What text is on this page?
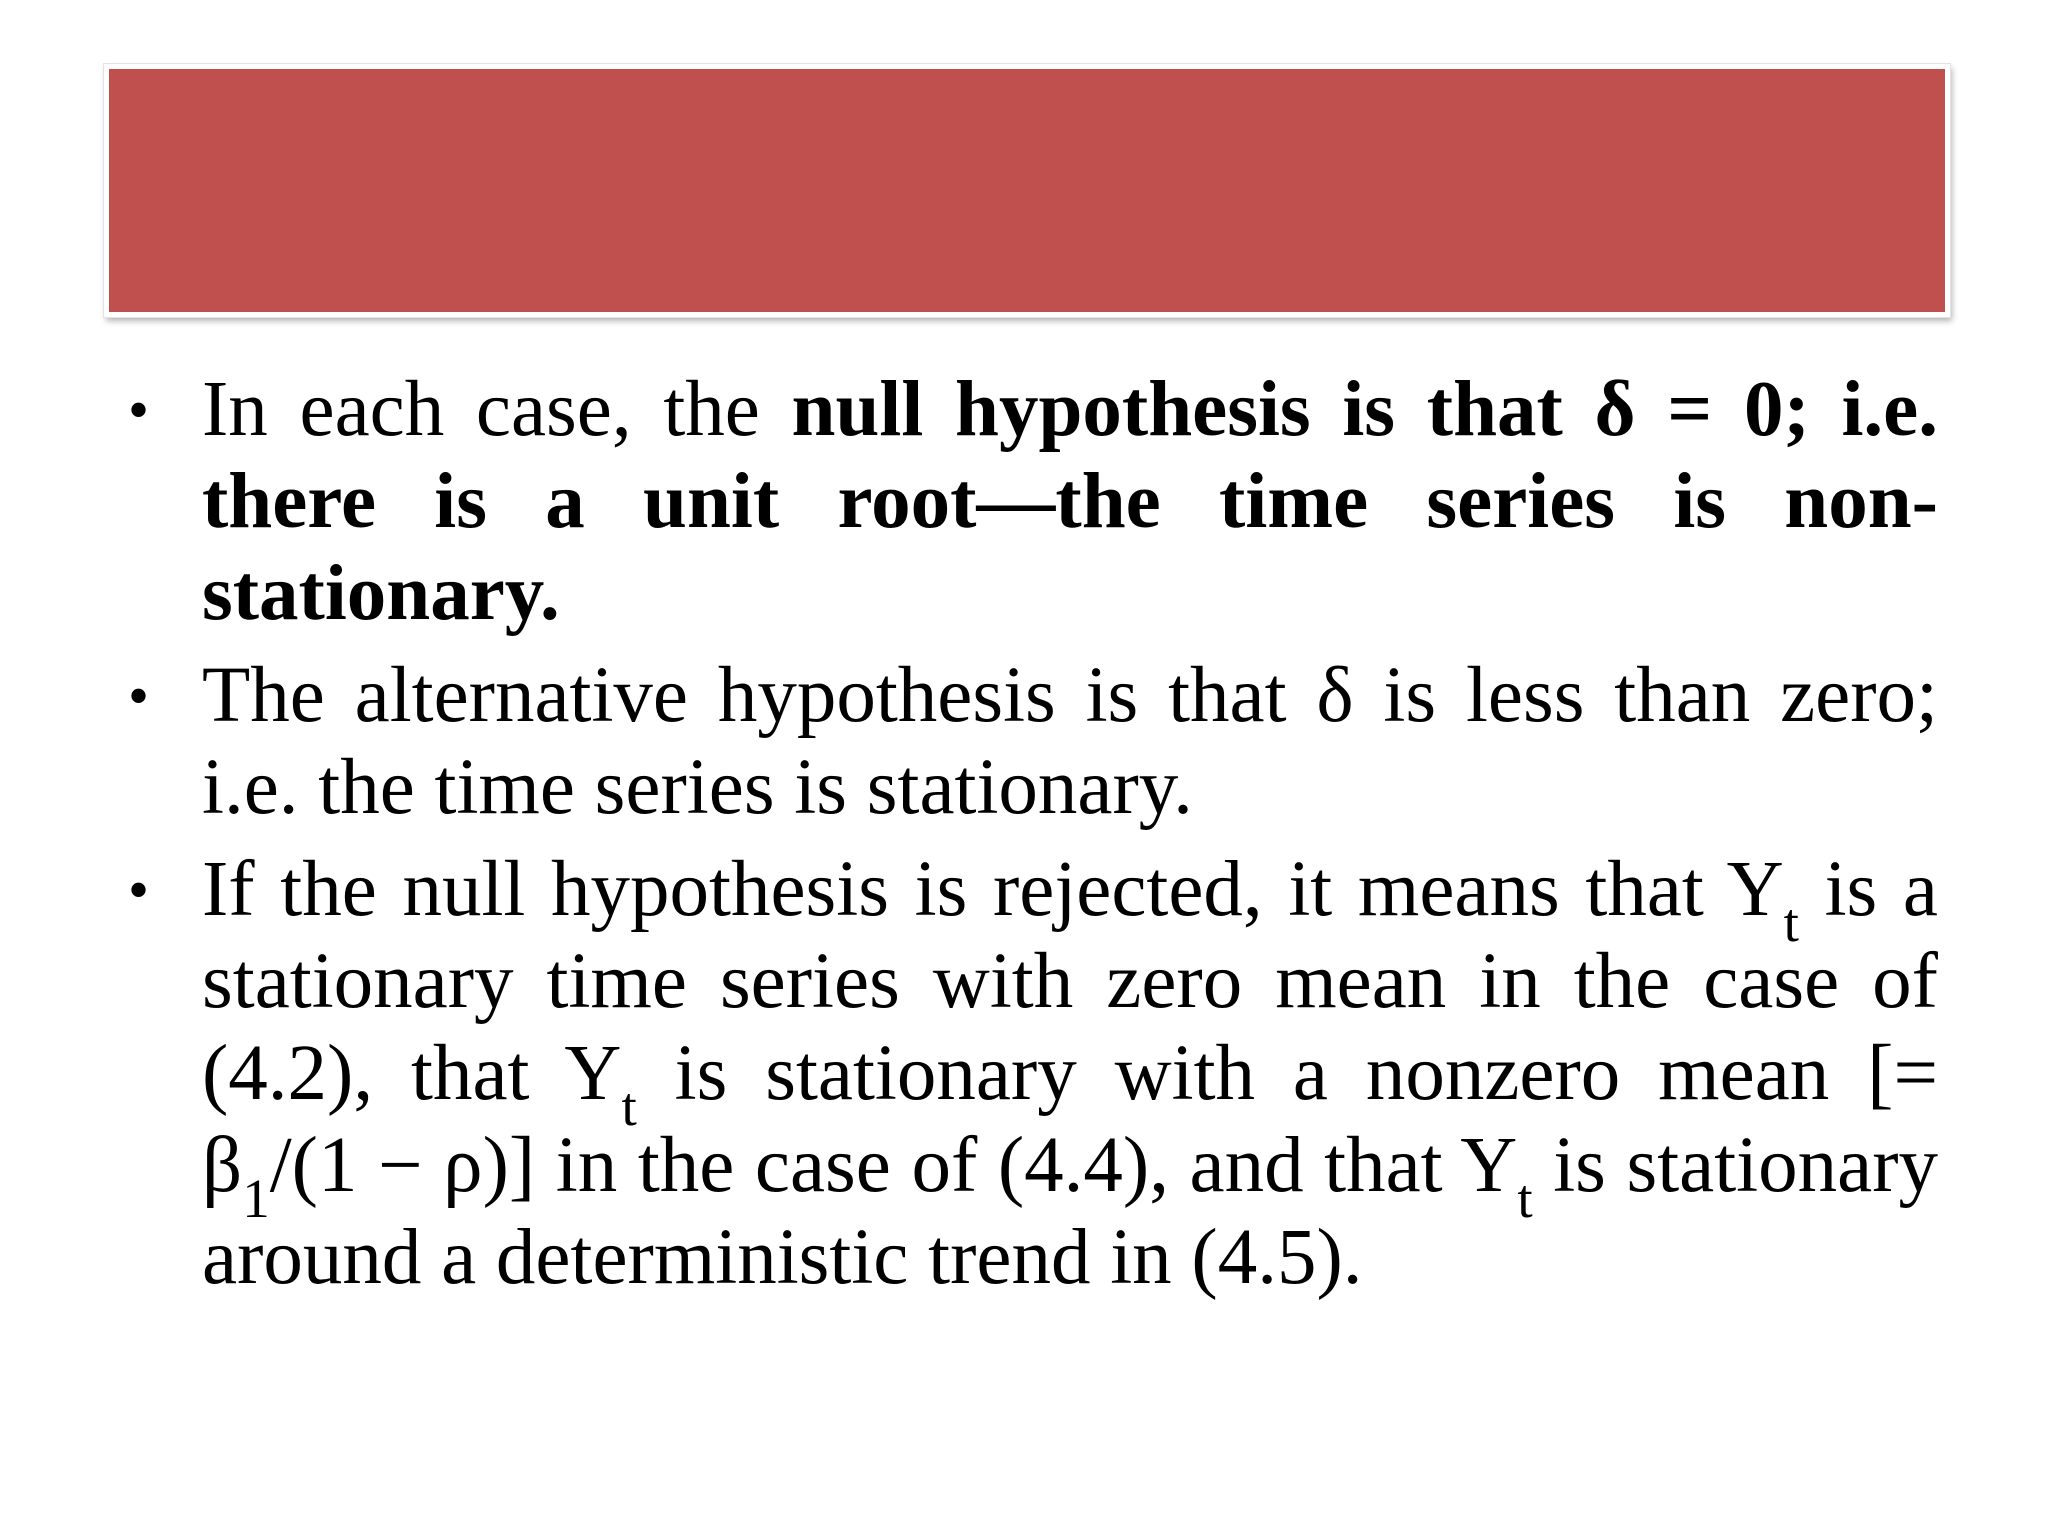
• In each case, the null hypothesis is that δ = 0; i.e. there is a unit root—the time series is non-stationary.

• The alternative hypothesis is that δ is less than zero; i.e. the time series is stationary.

• If the null hypothesis is rejected, it means that $Y_t$ is a stationary time series with zero mean in the case of (4.2), that $Y_t$ is stationary with a nonzero mean [= $\beta_1/(1 - \rho)$] in the case of (4.4), and that $Y_t$ is stationary around a deterministic trend in (4.5).
